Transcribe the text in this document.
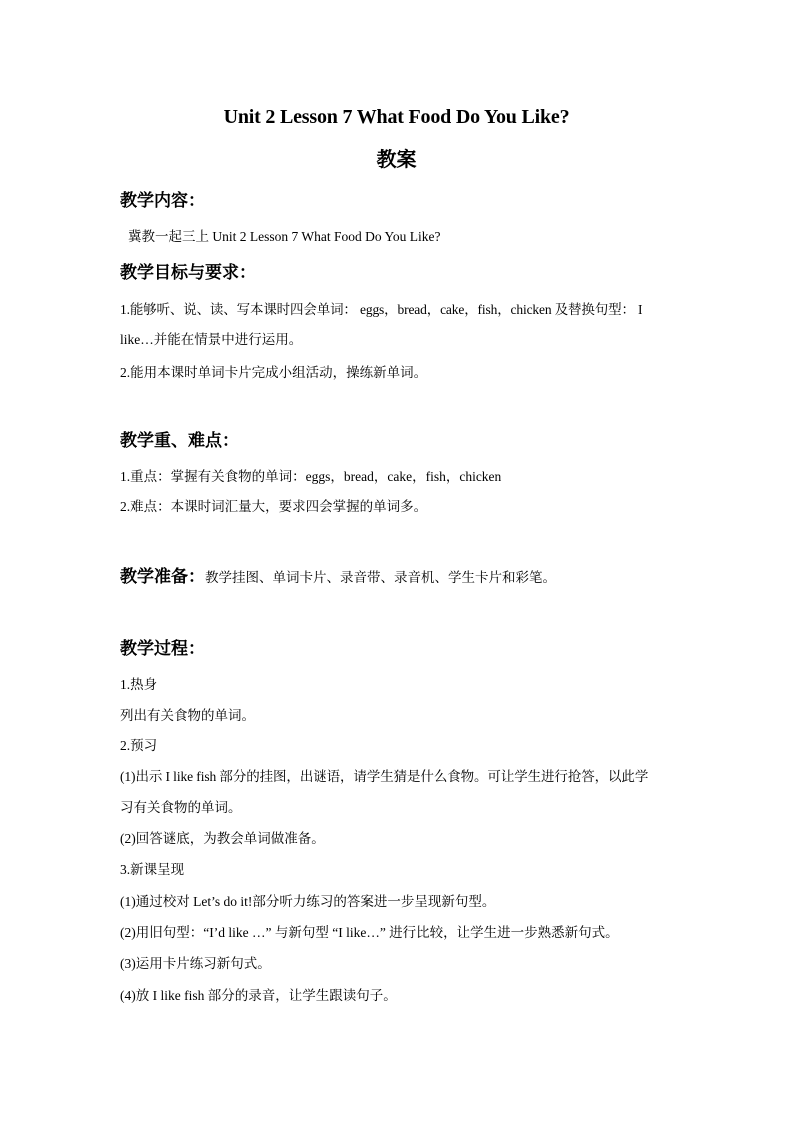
Unit 2 Lesson 7 What Food Do You Like?
教案
教学内容：
冀教一起三上 Unit 2 Lesson 7 What Food Do You Like?
教学目标与要求：
1.能够听、说、读、写本课时四会单词： eggs，bread，cake，fish，chicken 及替换句型： I
like…并能在情景中进行运用。
2.能用本课时单词卡片完成小组活动，操练新单词。
教学重、难点：
1.重点：掌握有关食物的单词：eggs，bread，cake，fish，chicken
2.难点：本课时词汇量大，要求四会掌握的单词多。
教学准备：教学挂图、单词卡片、录音带、录音机、学生卡片和彩笔。
教学过程：
1.热身
列出有关食物的单词。
2.预习
(1)出示 I like fish 部分的挂图，出谜语，请学生猜是什么食物。可让学生进行抢答，以此学
习有关食物的单词。
(2)回答谜底，为教会单词做准备。
3.新课呈现
(1)通过校对 Let’s do it!部分听力练习的答案进一步呈现新句型。
(2)用旧句型：“I’d like …” 与新句型 “I like…” 进行比较，让学生进一步熟悉新句式。
(3)运用卡片练习新句式。
(4)放 I like fish 部分的录音，让学生跟读句子。
